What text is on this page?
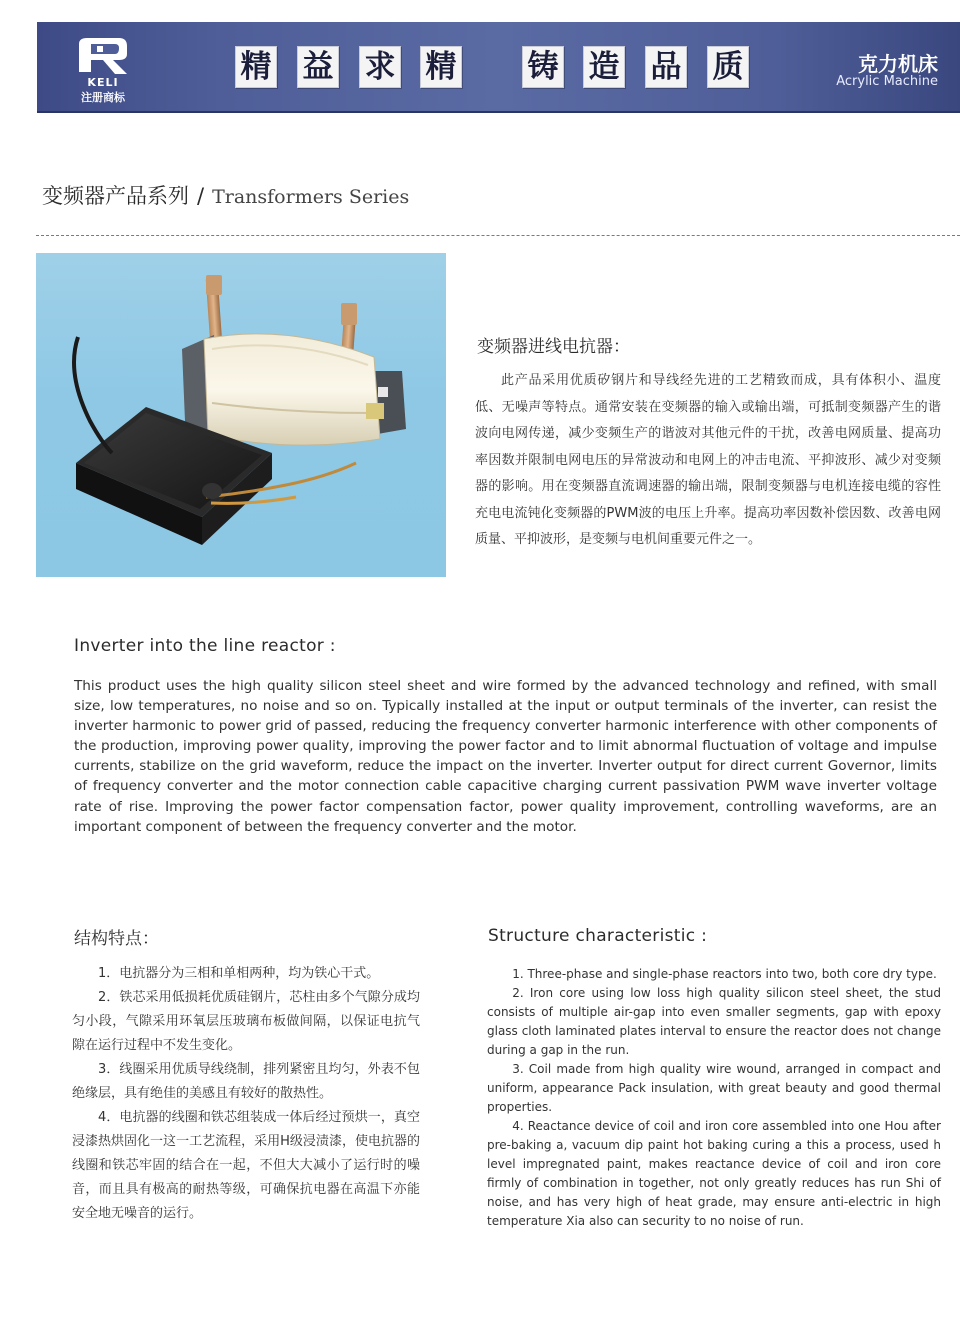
KELI
注册商标
精 益 求 精 铸 造 品 质	克力机床
Acrylic Machine
变频器产品系列 / Transformers Series
变频器进线电抗器：
此产品采用优质矽钢片和导线经先进的工艺精致而成，具有体积小、温度低、无噪声等特点。通常安装在变频器的输入或输出端，可抵制变频器产生的谐波向电网传递，减少变频生产的谐波对其他元件的干扰，改善电网质量、提高功率因数并限制电网电压的异常波动和电网上的冲击电流、平抑波形、减少对变频器的影响。用在变频器直流调速器的输出端，限制变频器与电机连接电缆的容性充电电流钝化变频器的PWM波的电压上升率。提高功率因数补偿因数、改善电网质量、平抑波形，是变频与电机间重要元件之一。
Inverter into the line reactor :
This product uses the high quality silicon steel sheet and wire formed by the advanced technology and refined, with small size, low temperatures, no noise and so on. Typically installed at the input or output terminals of the inverter, can resist the inverter harmonic to power grid of passed, reducing the frequency converter harmonic interference with other components of the production, improving power quality, improving the power factor and to limit abnormal fluctuation of voltage and impulse currents, stabilize on the grid waveform, reduce the impact on the inverter. Inverter output for direct current Governor, limits of frequency converter and the motor connection cable capacitive charging current passivation PWM wave inverter voltage rate of rise. Improving the power factor compensation factor, power quality improvement, controlling waveforms, are an important component of between the frequency converter and the motor.
结构特点：

1．电抗器分为三相和单相两种，均为铁心干式。

2．铁芯采用低损耗优质硅钢片，芯柱由多个气隙分成均匀小段，气隙采用环氧层压玻璃布板做间隔，以保证电抗气隙在运行过程中不发生变化。

3．线圈采用优质导线绕制，排列紧密且均匀，外表不包绝缘层，具有绝佳的美感且有较好的散热性。

4．电抗器的线圈和铁芯组装成一体后经过预烘一，真空浸漆热烘固化一这一工艺流程，采用H级浸渍漆，使电抗器的线圈和铁芯牢固的结合在一起，不但大大减小了运行时的噪音，而且具有极高的耐热等级，可确保抗电器在高温下亦能安全地无噪音的运行。

Structure characteristic :

1. Three-phase and single-phase reactors into two, both core dry type.

2. Iron core using low loss high quality silicon steel sheet, the stud consists of multiple air-gap into even smaller segments, gap with epoxy glass cloth laminated plates interval to ensure the reactor does not change during a gap in the run.

3. Coil made from high quality wire wound, arranged in compact and uniform, appearance Pack insulation, with great beauty and good thermal properties.

4. Reactance device of coil and iron core assembled into one Hou after pre-baking a, vacuum dip paint hot baking curing a this a process, used h level impregnated paint, makes reactance device of coil and iron core firmly of combination in together, not only greatly reduces has run Shi of noise, and has very high of heat grade, may ensure anti-electric in high temperature Xia also can security to no noise of run.
